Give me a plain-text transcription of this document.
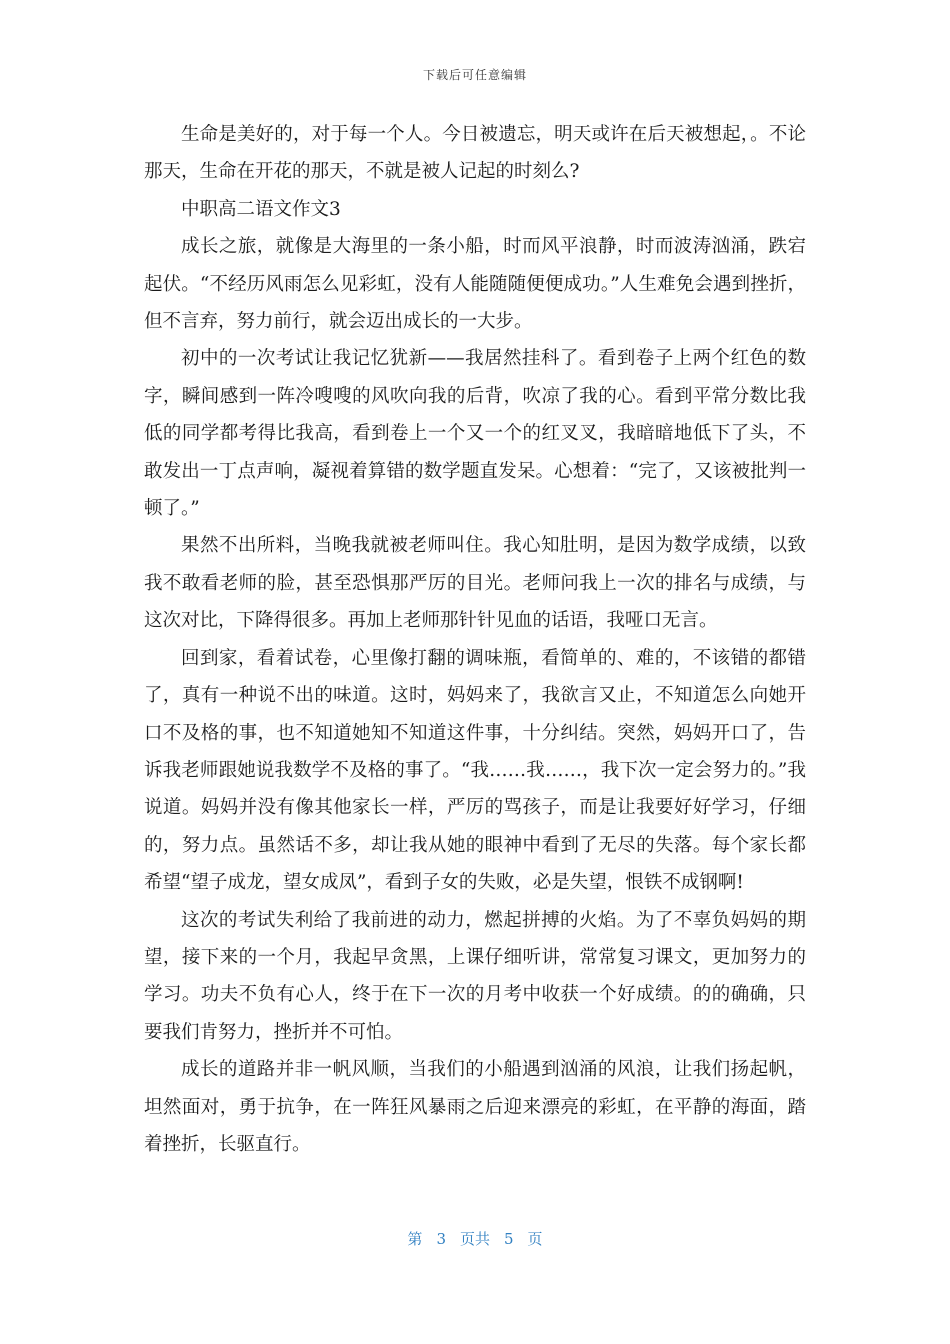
下载后可任意编辑

生命是美好的，对于每一个人。今日被遗忘，明天或许在后天被想起，。不论那天，生命在开花的那天，不就是被人记起的时刻么?

中职高二语文作文3

成长之旅，就像是大海里的一条小船，时而风平浪静，时而波涛汹涌，跌宕起伏。“不经历风雨怎么见彩虹，没有人能随随便便成功。”人生难免会遇到挫折，但不言弃，努力前行，就会迈出成长的一大步。

初中的一次考试让我记忆犹新——我居然挂科了。看到卷子上两个红色的数字，瞬间感到一阵冷嗖嗖的风吹向我的后背，吹凉了我的心。看到平常分数比我低的同学都考得比我高，看到卷上一个又一个的红叉叉，我暗暗地低下了头，不敢发出一丁点声响，凝视着算错的数学题直发呆。心想着：“完了，又该被批判一顿了。”

果然不出所料，当晚我就被老师叫住。我心知肚明，是因为数学成绩，以致我不敢看老师的脸，甚至恐惧那严厉的目光。老师问我上一次的排名与成绩，与这次对比，下降得很多。再加上老师那针针见血的话语，我哑口无言。

回到家，看着试卷，心里像打翻的调味瓶，看简单的、难的，不该错的都错了，真有一种说不出的味道。这时，妈妈来了，我欲言又止，不知道怎么向她开口不及格的事，也不知道她知不知道这件事，十分纠结。突然，妈妈开口了，告诉我老师跟她说我数学不及格的事了。“我……我……，我下次一定会努力的。”我说道。妈妈并没有像其他家长一样，严厉的骂孩子，而是让我要好好学习，仔细的，努力点。虽然话不多，却让我从她的眼神中看到了无尽的失落。每个家长都希望“望子成龙，望女成凤”，看到子女的失败，必是失望，恨铁不成钢啊!

这次的考试失利给了我前进的动力，燃起拼搏的火焰。为了不辜负妈妈的期望，接下来的一个月，我起早贪黑，上课仔细听讲，常常复习课文，更加努力的学习。功夫不负有心人，终于在下一次的月考中收获一个好成绩。的的确确，只要我们肯努力，挫折并不可怕。

成长的道路并非一帆风顺，当我们的小船遇到汹涌的风浪，让我们扬起帆，坦然面对，勇于抗争，在一阵狂风暴雨之后迎来漂亮的彩虹，在平静的海面，踏着挫折，长驱直行。

第 3 页共 5 页
